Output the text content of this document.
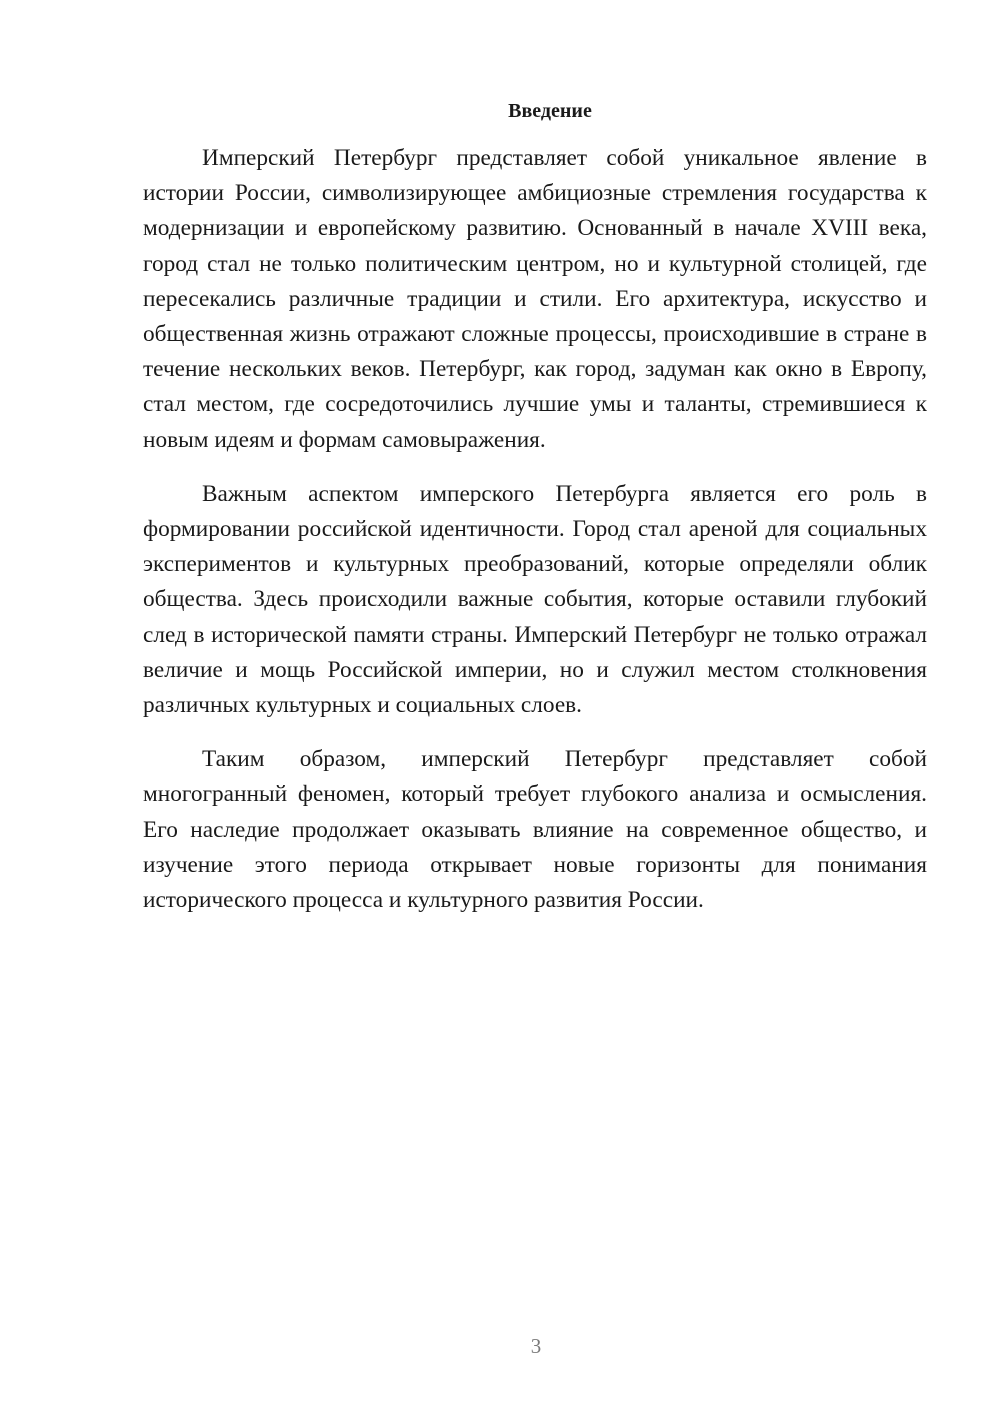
Введение

Имперский Петербург представляет собой уникальное явление в истории России, символизирующее амбициозные стремления государства к модернизации и европейскому развитию. Основанный в начале XVIII века, город стал не только политическим центром, но и культурной столицей, где пересекались различные традиции и стили. Его архитектура, искусство и общественная жизнь отражают сложные процессы, происходившие в стране в течение нескольких веков. Петербург, как город, задуман как окно в Европу, стал местом, где сосредоточились лучшие умы и таланты, стремившиеся к новым идеям и формам самовыражения.

Важным аспектом имперского Петербурга является его роль в формировании российской идентичности. Город стал ареной для социальных экспериментов и культурных преобразований, которые определяли облик общества. Здесь происходили важные события, которые оставили глубокий след в исторической памяти страны. Имперский Петербург не только отражал величие и мощь Российской империи, но и служил местом столкновения различных культурных и социальных слоев.

Таким образом, имперский Петербург представляет собой многогранный феномен, который требует глубокого анализа и осмысления. Его наследие продолжает оказывать влияние на современное общество, и изучение этого периода открывает новые горизонты для понимания исторического процесса и культурного развития России.

3
